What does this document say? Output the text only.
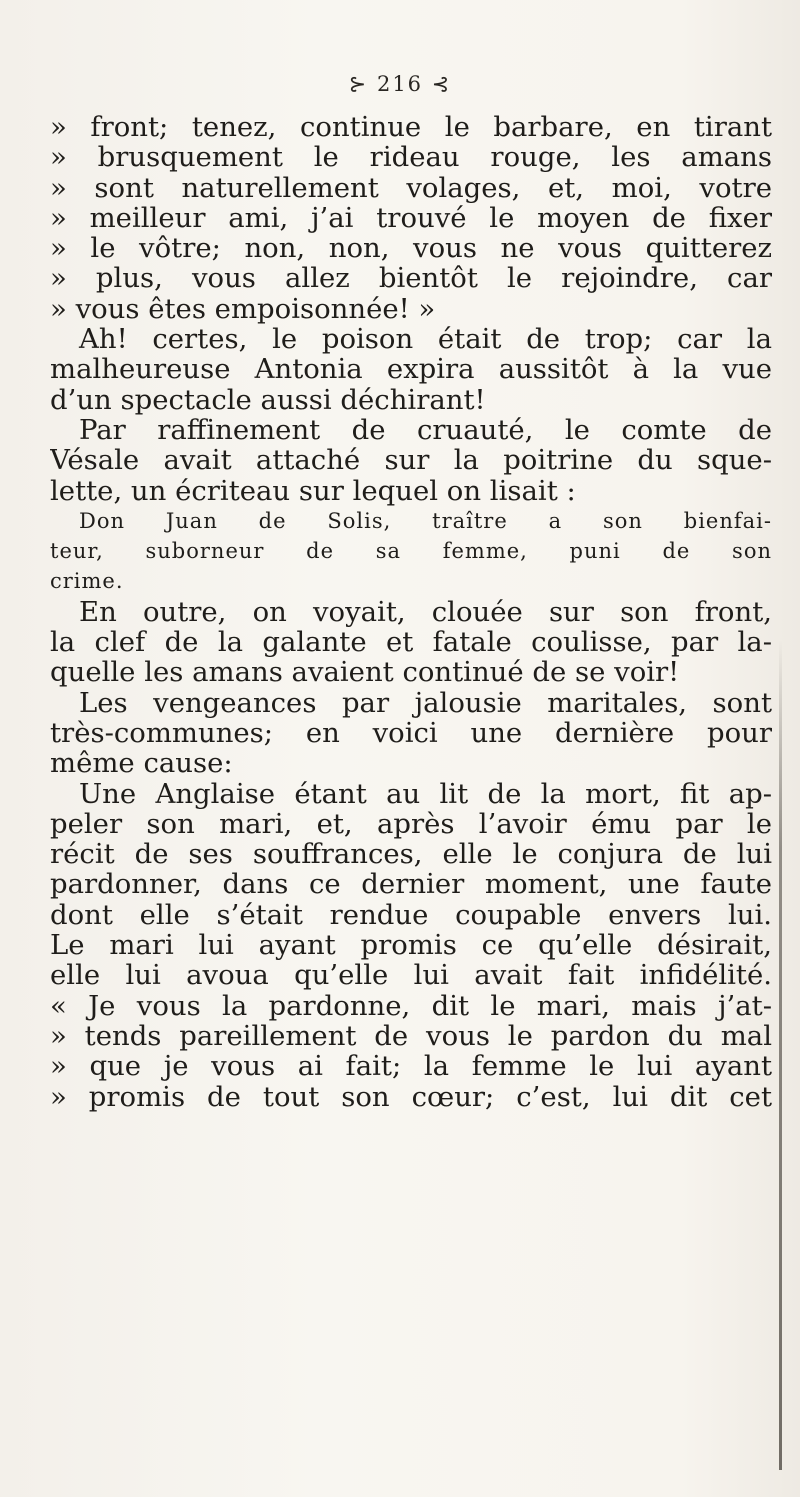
⊱ 216 ⊰
» front; tenez, continue le barbare, en tirant
» brusquement le rideau rouge, les amans
» sont naturellement volages, et, moi, votre
» meilleur ami, j’ai trouvé le moyen de fixer
» le vôtre; non, non, vous ne vous quitterez
» plus, vous allez bientôt le rejoindre, car
» vous êtes empoisonnée! »
Ah! certes, le poison était de trop; car la
malheureuse Antonia expira aussitôt à la vue
d’un spectacle aussi déchirant!
Par raffinement de cruauté, le comte de
Vésale avait attaché sur la poitrine du sque-
lette, un écriteau sur lequel on lisait :
Don Juan de Solis, traître a son bienfai-
teur, suborneur de sa femme, puni de son
crime.
En outre, on voyait, clouée sur son front,
la clef de la galante et fatale coulisse, par la-
quelle les amans avaient continué de se voir!
Les vengeances par jalousie maritales, sont
très-communes; en voici une dernière pour
même cause:
Une Anglaise étant au lit de la mort, fit ap-
peler son mari, et, après l’avoir ému par le
récit de ses souffrances, elle le conjura de lui
pardonner, dans ce dernier moment, une faute
dont elle s’était rendue coupable envers lui.
Le mari lui ayant promis ce qu’elle désirait,
elle lui avoua qu’elle lui avait fait infidélité.
« Je vous la pardonne, dit le mari, mais j’at-
» tends pareillement de vous le pardon du mal
» que je vous ai fait; la femme le lui ayant
» promis de tout son cœur; c’est, lui dit cet
